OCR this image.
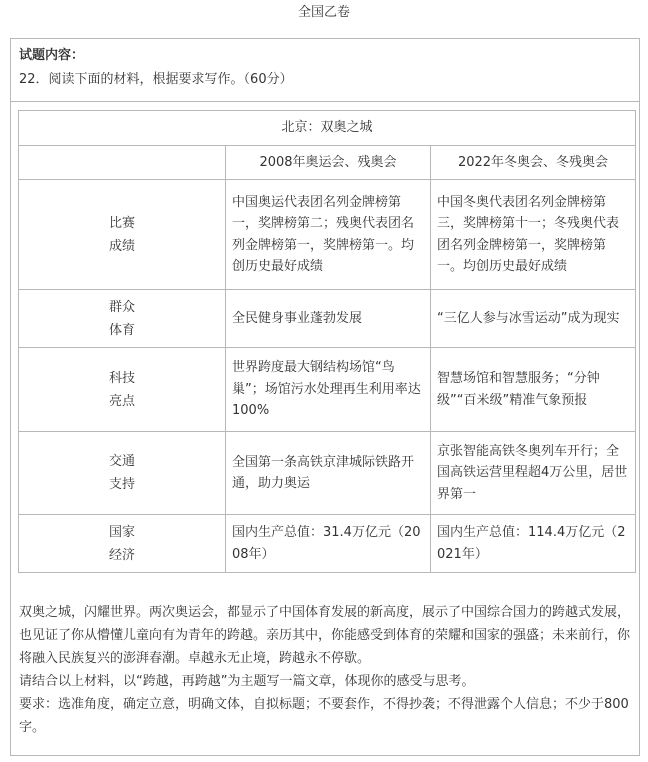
全国乙卷
试题内容：
22．阅读下面的材料，根据要求写作。（60分）
北京：双奥之城		
	2008年奥运会、残奥会	2022年冬奥会、冬残奥会

比赛
成绩	中国奥运代表团名列金牌榜第一，奖牌榜第二；残奥代表团名列金牌榜第一，奖牌榜第一。均创历史最好成绩	中国冬奥代表团名列金牌榜第三，奖牌榜第十一；冬残奥代表团名列金牌榜第一，奖牌榜第一。均创历史最好成绩

群众
体育	全民健身事业蓬勃发展	“三亿人参与冰雪运动”成为现实

科技
亮点	世界跨度最大钢结构场馆“鸟巢”；场馆污水处理再生利用率达100%	智慧场馆和智慧服务；“分钟级”“百米级”精准气象预报

交通
支持	全国第一条高铁京津城际铁路开通，助力奥运	京张智能高铁冬奥列车开行；全国高铁运营里程超4万公里，居世界第一

国家
经济	国内生产总值：31.4万亿元（2008年）	国内生产总值：114.4万亿元（2021年）

双奥之城，闪耀世界。两次奥运会，都显示了中国体育发展的新高度，展示了中国综合国力的跨越式发展，也见证了你从懵懂儿童向有为青年的跨越。亲历其中，你能感受到体育的荣耀和国家的强盛；未来前行，你将融入民族复兴的澎湃春潮。卓越永无止境，跨越永不停歇。

请结合以上材料，以“跨越，再跨越”为主题写一篇文章，体现你的感受与思考。

要求：选准角度，确定立意，明确文体，自拟标题；不要套作，不得抄袭；不得泄露个人信息；不少于800字。
